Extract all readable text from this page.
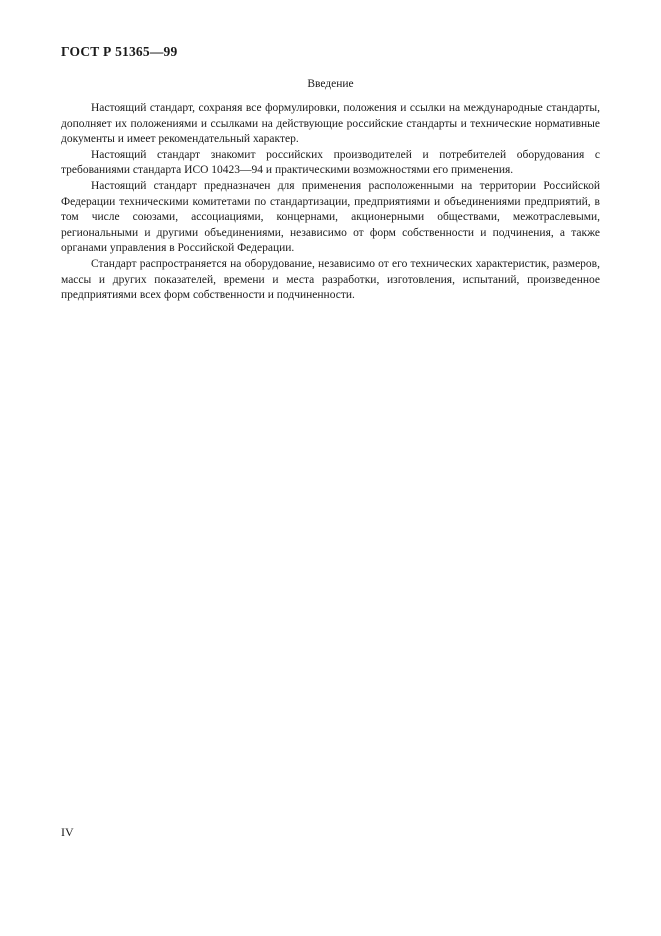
ГОСТ Р 51365—99
Введение

Настоящий стандарт, сохраняя все формулировки, положения и ссылки на международные стандарты, дополняет их положениями и ссылками на действующие российские стандарты и технические нормативные документы и имеет рекомендательный характер.

Настоящий стандарт знакомит российских производителей и потребителей оборудования с требованиями стандарта ИСО 10423—94 и практическими возможностями его применения.

Настоящий стандарт предназначен для применения расположенными на территории Российской Федерации техническими комитетами по стандартизации, предприятиями и объединениями предприятий, в том числе союзами, ассоциациями, концернами, акционерными обществами, межотраслевыми, региональными и другими объединениями, независимо от форм собственности и подчинения, а также органами управления в Российской Федерации.

Стандарт распространяется на оборудование, независимо от его технических характеристик, размеров, массы и других показателей, времени и места разработки, изготовления, испытаний, произведенное предприятиями всех форм собственности и подчиненности.

IV
